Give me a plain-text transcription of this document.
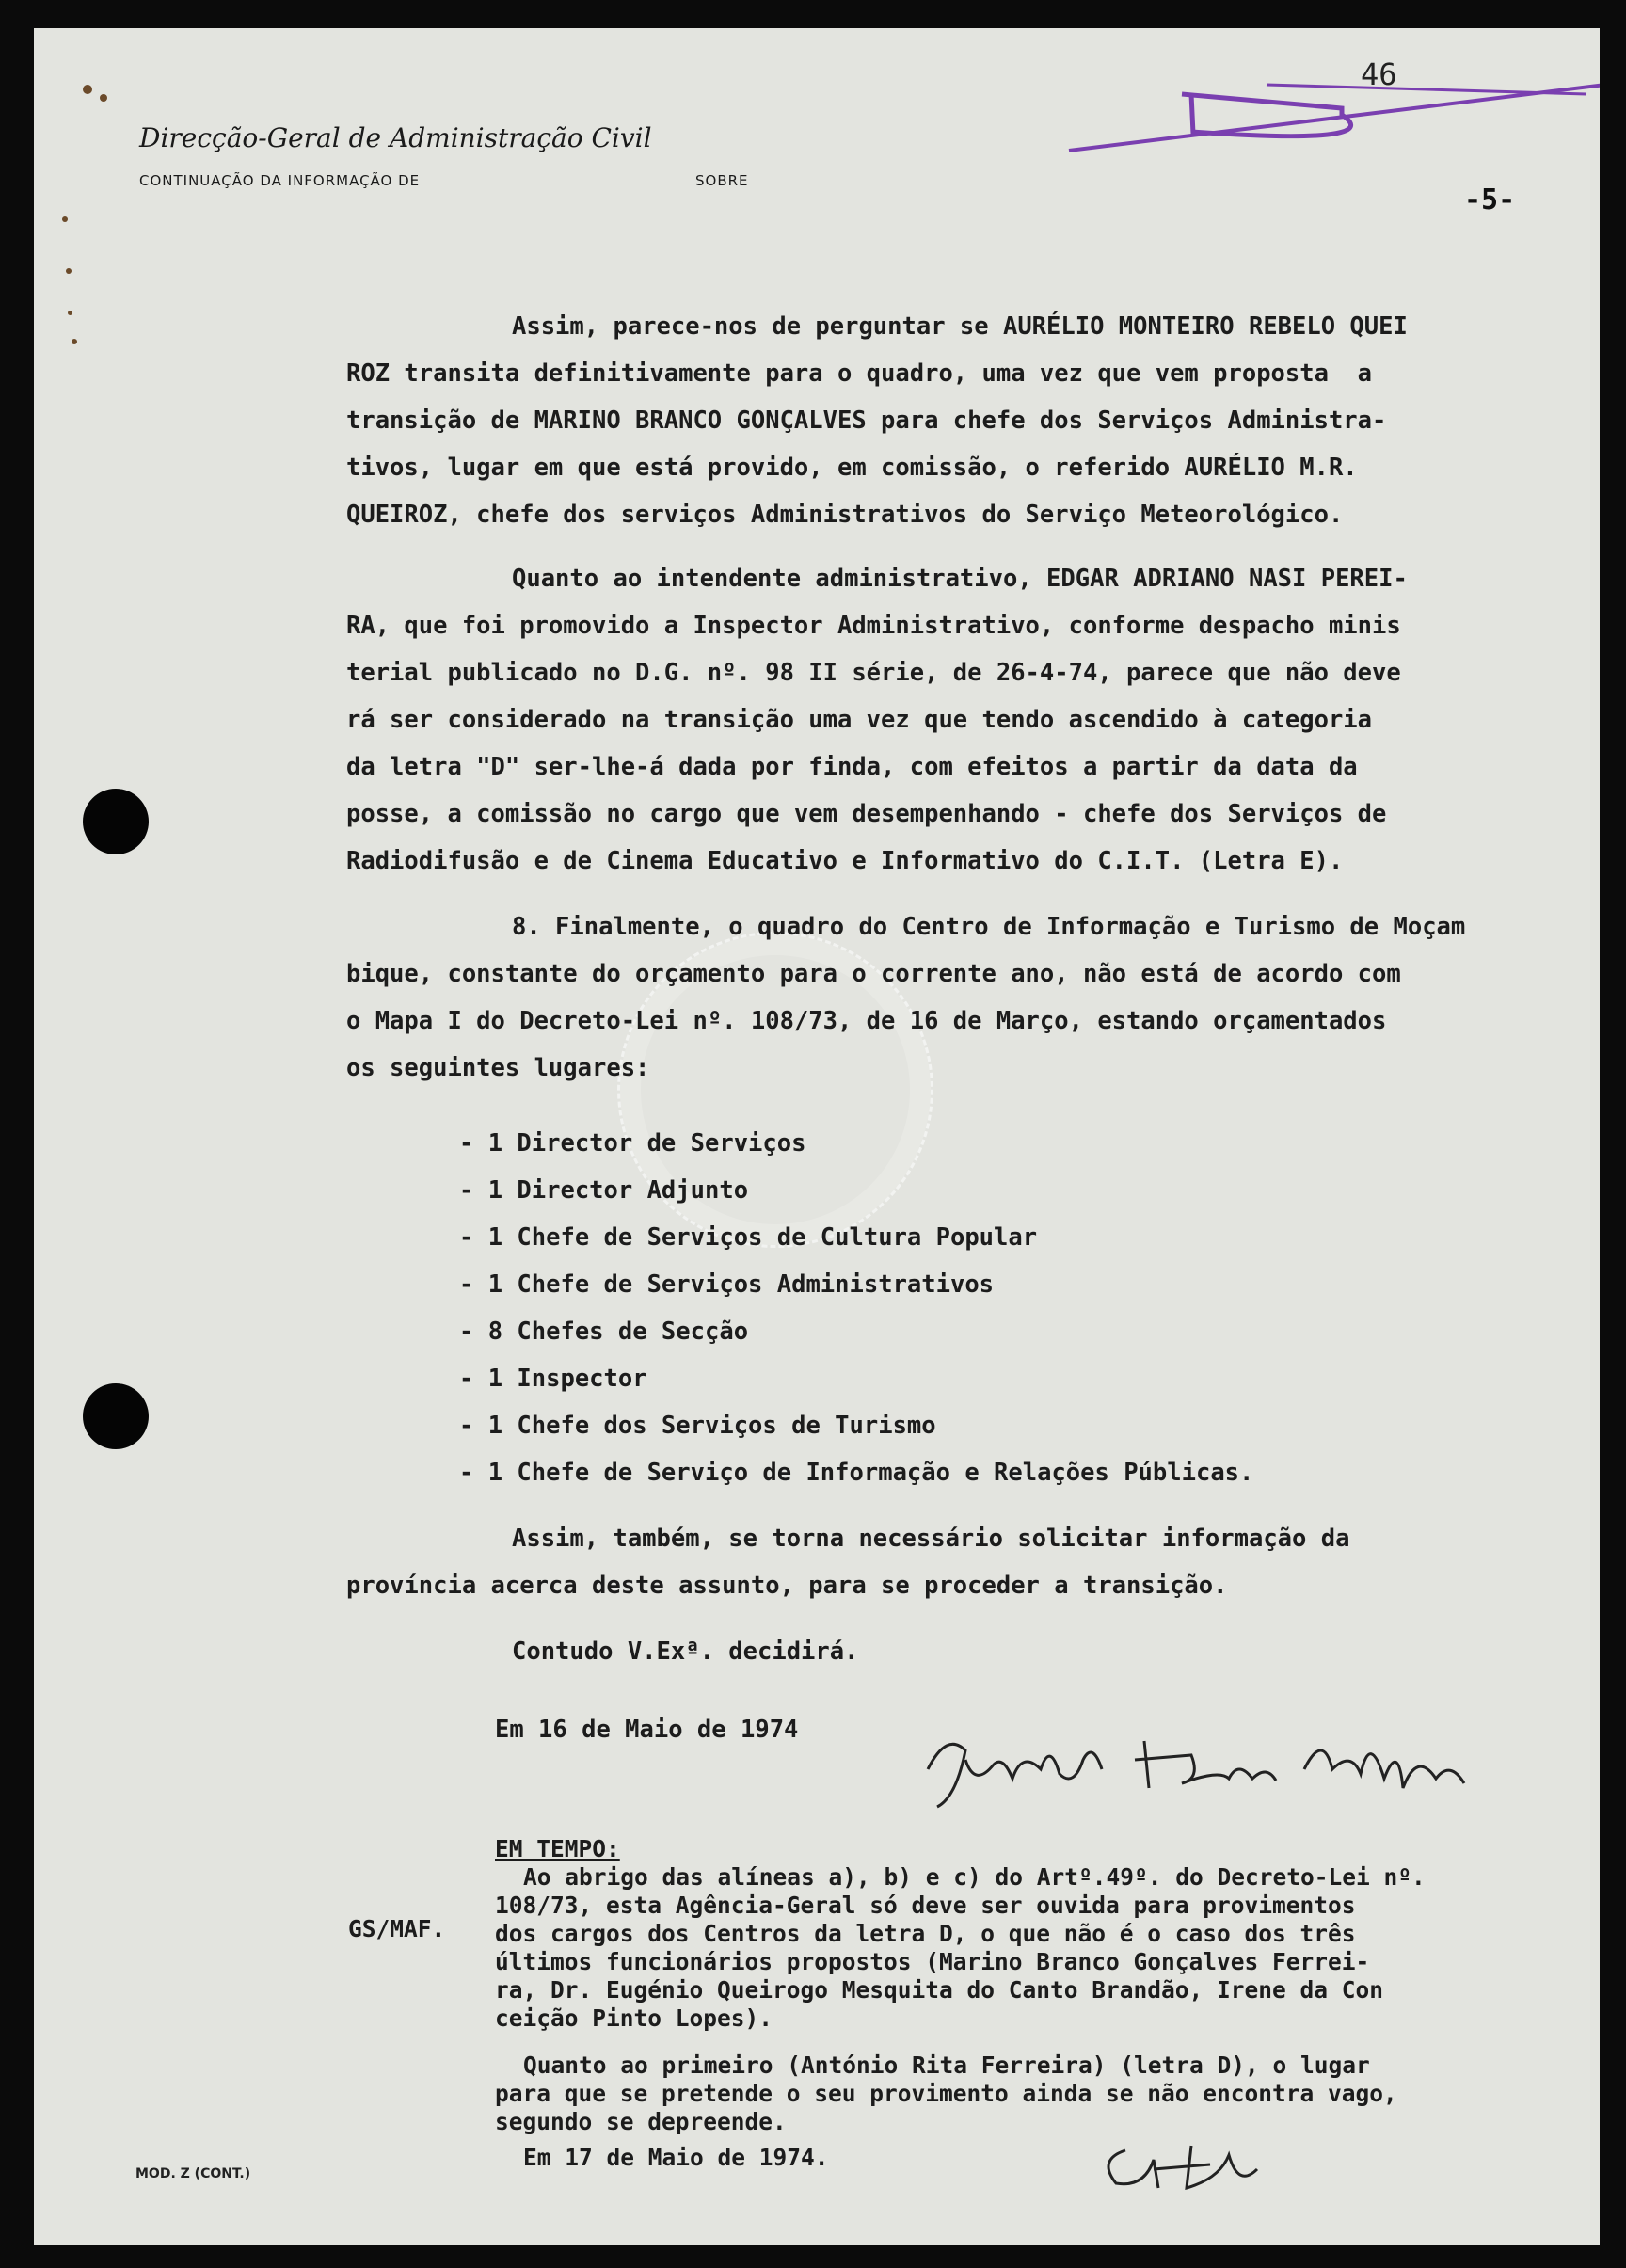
46
Direcção-Geral de Administração Civil
CONTINUAÇÃO DA INFORMAÇÃO DE	SOBRE
-5-
Assim, parece-nos de perguntar se AURÉLIO MONTEIRO REBELO QUEI
ROZ transita definitivamente para o quadro, uma vez que vem proposta  a
transição de MARINO BRANCO GONÇALVES para chefe dos Serviços Administra-
tivos, lugar em que está provido, em comissão, o referido AURÉLIO M.R.
QUEIROZ, chefe dos serviços Administrativos do Serviço Meteorológico.
Quanto ao intendente administrativo, EDGAR ADRIANO NASI PEREI-
RA, que foi promovido a Inspector Administrativo, conforme despacho minis
terial publicado no D.G. nº. 98 II série, de 26-4-74, parece que não deve
rá ser considerado na transição uma vez que tendo ascendido à categoria
da letra "D" ser-lhe-á dada por finda, com efeitos a partir da data da
posse, a comissão no cargo que vem desempenhando - chefe dos Serviços de
Radiodifusão e de Cinema Educativo e Informativo do C.I.T. (Letra E).
8. Finalmente, o quadro do Centro de Informação e Turismo de Moçam
bique, constante do orçamento para o corrente ano, não está de acordo com
o Mapa I do Decreto-Lei nº. 108/73, de 16 de Março, estando orçamentados
os seguintes lugares:
- 1 Director de Serviços
- 1 Director Adjunto
- 1 Chefe de Serviços de Cultura Popular
- 1 Chefe de Serviços Administrativos
- 8 Chefes de Secção
- 1 Inspector
- 1 Chefe dos Serviços de Turismo
- 1 Chefe de Serviço de Informação e Relações Públicas.
Assim, também, se torna necessário solicitar informação da
província acerca deste assunto, para se proceder a transição.
Contudo V.Exª. decidirá.
Em 16 de Maio de 1974
EM TEMPO:
GS/MAF.
Ao abrigo das alíneas a), b) e c) do Artº.49º. do Decreto-Lei nº.
108/73, esta Agência-Geral só deve ser ouvida para provimentos
dos cargos dos Centros da letra D, o que não é o caso dos três
últimos funcionários propostos (Marino Branco Gonçalves Ferrei-
ra, Dr. Eugénio Queirogo Mesquita do Canto Brandão, Irene da Con
ceição Pinto Lopes).
Quanto ao primeiro (António Rita Ferreira) (letra D), o lugar
para que se pretende o seu provimento ainda se não encontra vago,
segundo se depreende.
Em 17 de Maio de 1974.
MOD. Z (CONT.)
